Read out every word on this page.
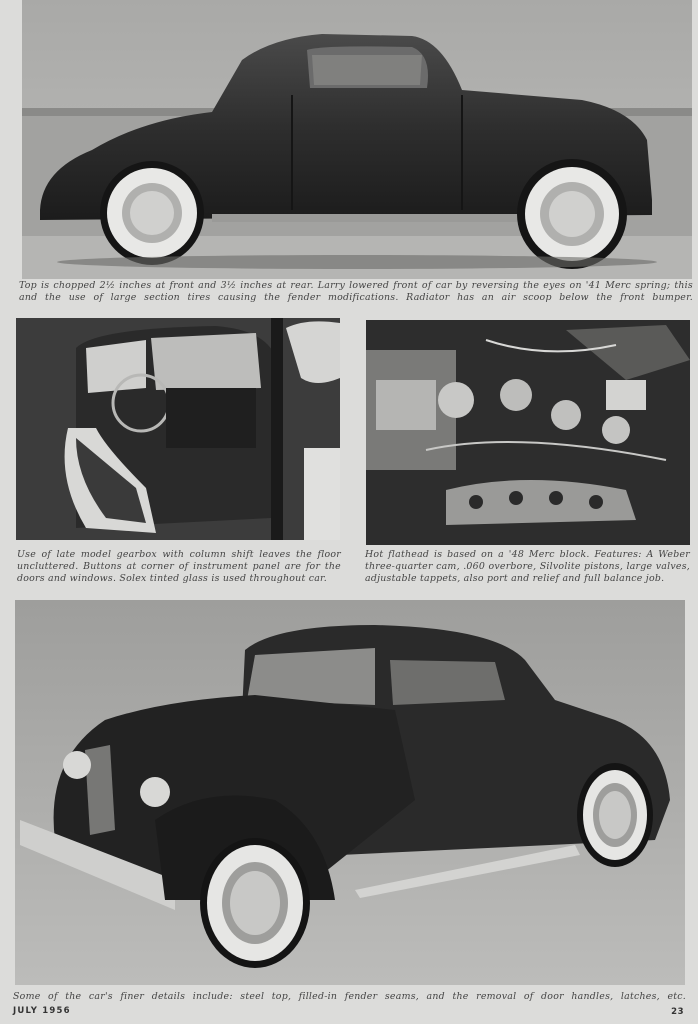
Top is chopped 2½ inches at front and 3½ inches at rear. Larry lowered front of car by reversing the eyes on '41 Merc spring; this and the use of large section tires causing the fender modifications. Radiator has an air scoop below the front bumper.
Use of late model gearbox with column shift leaves the floor uncluttered. Buttons at corner of instrument panel are for the doors and windows. Solex tinted glass is used throughout car.
Hot flathead is based on a '48 Merc block. Features: A Weber three-quarter cam, .060 overbore, Silvolite pistons, large valves, adjustable tappets, also port and relief and full balance job.
Some of the car's finer details include: steel top, filled-in fender seams, and the removal of door handles, latches, etc.
JULY 1956	23
